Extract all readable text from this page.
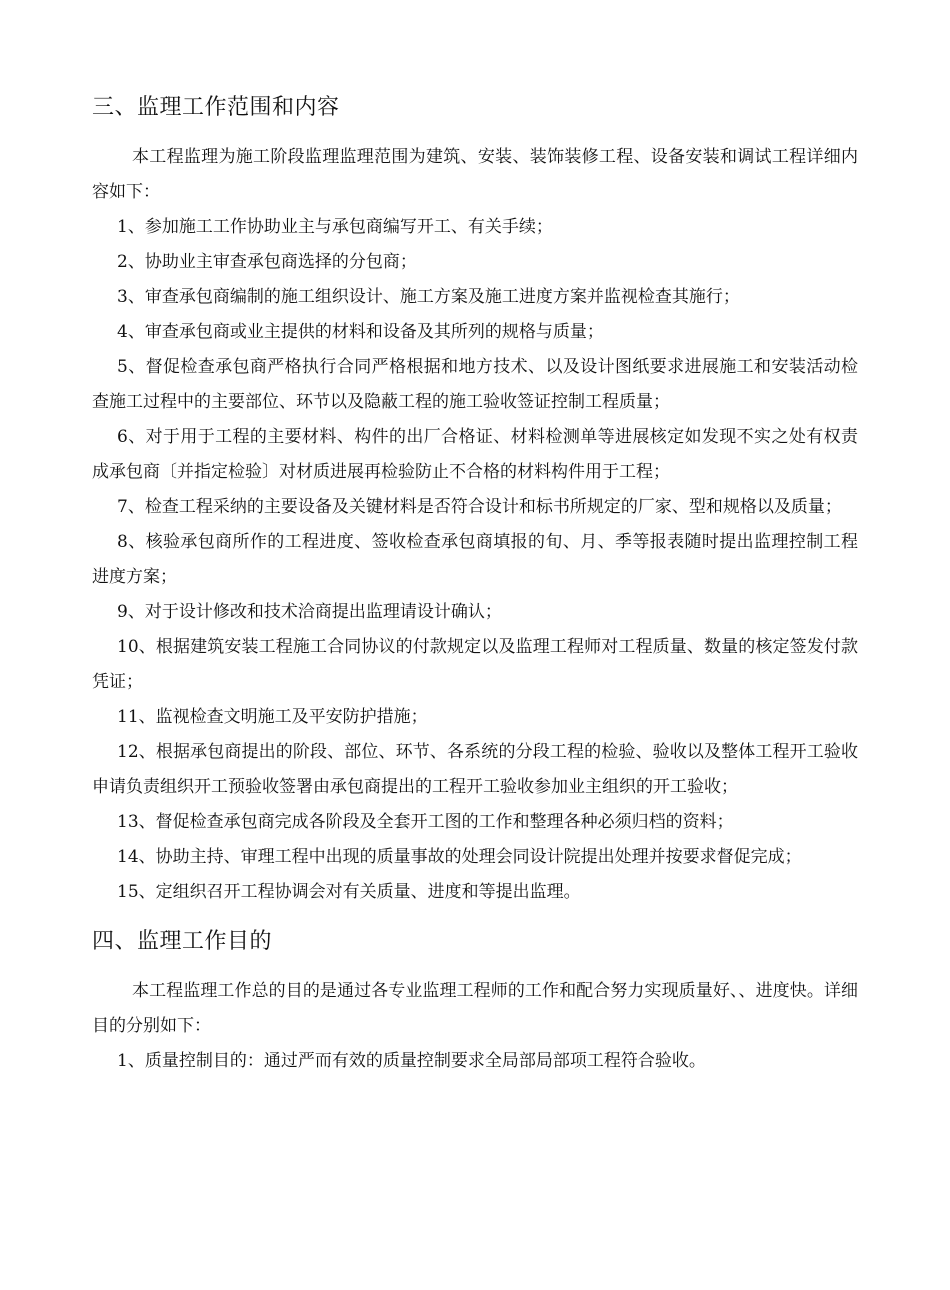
三、监理工作范围和内容

本工程监理为施工阶段监理监理范围为建筑、安装、装饰装修工程、设备安装和调试工程详细内容如下：

1、参加施工工作协助业主与承包商编写开工、有关手续；

2、协助业主审查承包商选择的分包商；

3、审查承包商编制的施工组织设计、施工方案及施工进度方案并监视检查其施行；

4、审查承包商或业主提供的材料和设备及其所列的规格与质量；

5、督促检查承包商严格执行合同严格根据和地方技术、以及设计图纸要求进展施工和安装活动检查施工过程中的主要部位、环节以及隐蔽工程的施工验收签证控制工程质量；

6、对于用于工程的主要材料、构件的出厂合格证、材料检测单等进展核定如发现不实之处有权责成承包商〔并指定检验〕对材质进展再检验防止不合格的材料构件用于工程；

7、检查工程采纳的主要设备及关键材料是否符合设计和标书所规定的厂家、型和规格以及质量；

8、核验承包商所作的工程进度、签收检查承包商填报的旬、月、季等报表随时提出监理控制工程进度方案；

9、对于设计修改和技术洽商提出监理请设计确认；

10、根据建筑安装工程施工合同协议的付款规定以及监理工程师对工程质量、数量的核定签发付款凭证；

11、监视检查文明施工及平安防护措施；

12、根据承包商提出的阶段、部位、环节、各系统的分段工程的检验、验收以及整体工程开工验收申请负责组织开工预验收签署由承包商提出的工程开工验收参加业主组织的开工验收；

13、督促检查承包商完成各阶段及全套开工图的工作和整理各种必须归档的资料；

14、协助主持、审理工程中出现的质量事故的处理会同设计院提出处理并按要求督促完成；

15、定组织召开工程协调会对有关质量、进度和等提出监理。

四、监理工作目的

本工程监理工作总的目的是通过各专业监理工程师的工作和配合努力实现质量好、、进度快。详细目的分别如下：

1、质量控制目的：通过严而有效的质量控制要求全局部局部项工程符合验收。
